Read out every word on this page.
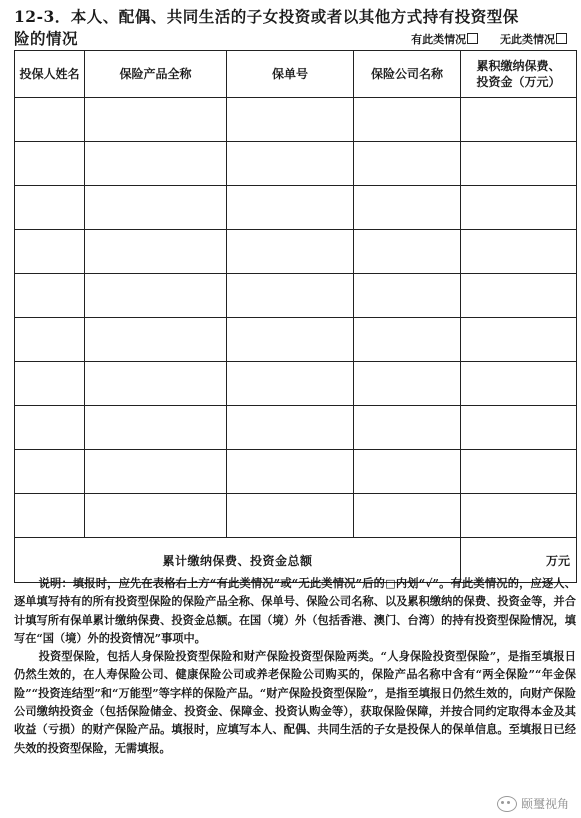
12-3．本人、配偶、共同生活的子女投资或者以其他方式持有投资型保
险的情况	有此类情况	无此类情况
投保人姓名	保险产品全称	保单号	保险公司名称	累积缴纳保费、
投资金（万元）

累计缴纳保费、投资金总额				万元

说明：填报时，应先在表格右上方“有此类情况”或“无此类情况”后的□内划“√”。有此类情况的，应逐人、逐单填写持有的所有投资型保险的保险产品全称、保单号、保险公司名称、以及累积缴纳的保费、投资金等，并合计填写所有保单累计缴纳保费、投资金总额。在国（境）外（包括香港、澳门、台湾）的持有投资型保险情况，填写在“国（境）外的投资情况”事项中。

投资型保险，包括人身保险投资型保险和财产保险投资型保险两类。“人身保险投资型保险”，是指至填报日仍然生效的，在人寿保险公司、健康保险公司或养老保险公司购买的，保险产品名称中含有“两全保险”“年金保险”“投资连结型”和“万能型”等字样的保险产品。“财产保险投资型保险”，是指至填报日仍然生效的，向财产保险公司缴纳投资金（包括保险储金、投资金、保障金、投资认购金等），获取保险保障，并按合同约定取得本金及其收益（亏损）的财产保险产品。填报时，应填写本人、配偶、共同生活的子女是投保人的保单信息。至填报日已经失效的投资型保险，无需填报。

颐璽视角
